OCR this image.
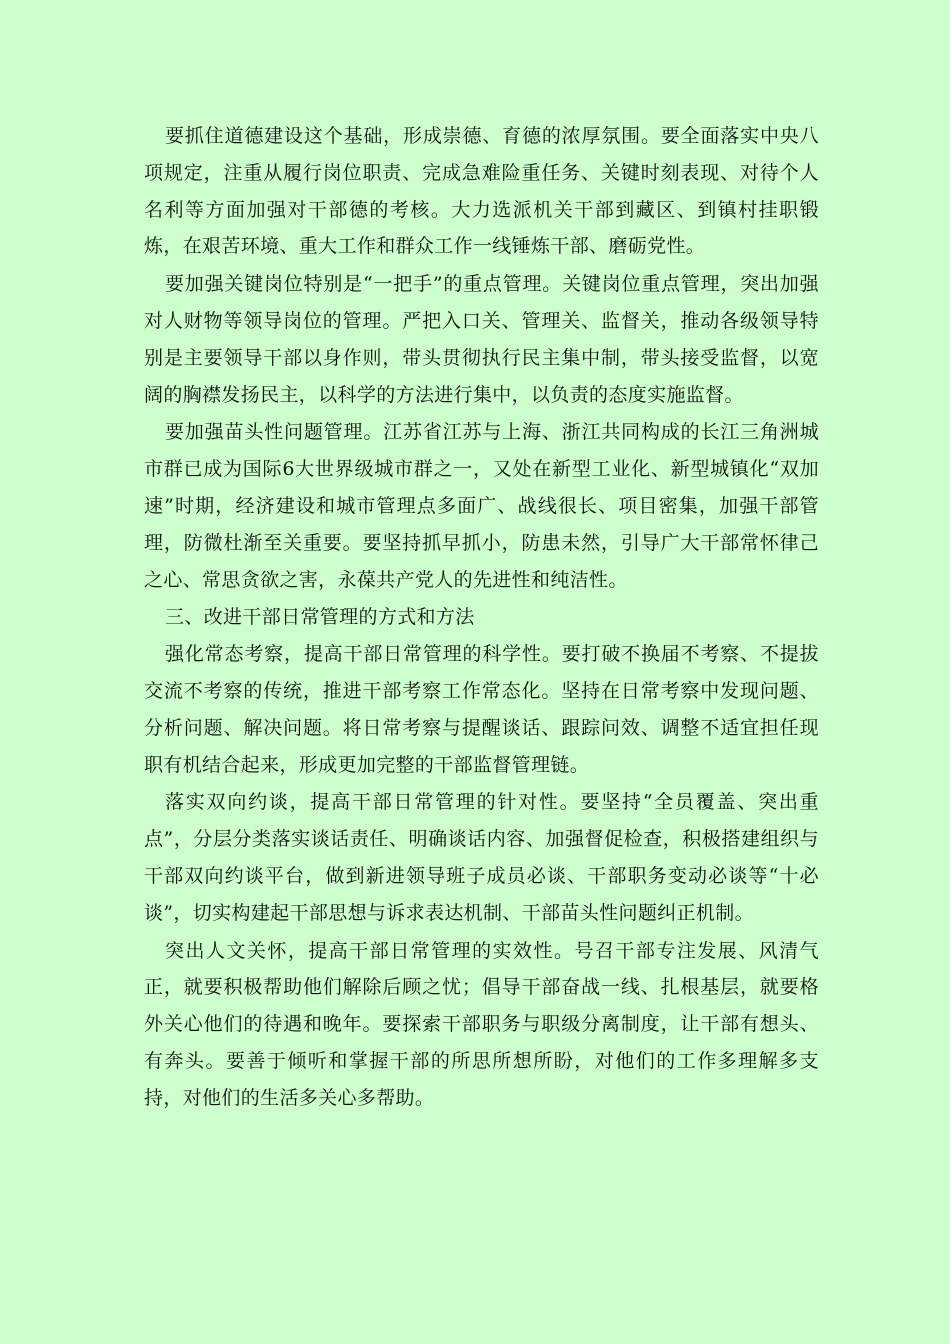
要抓住道德建设这个基础，形成崇德、育德的浓厚氛围。要全面落实中央八项规定，注重从履行岗位职责、完成急难险重任务、关键时刻表现、对待个人名利等方面加强对干部德的考核。大力选派机关干部到藏区、到镇村挂职锻炼，在艰苦环境、重大工作和群众工作一线锤炼干部、磨砺党性。

要加强关键岗位特别是“一把手”的重点管理。关键岗位重点管理，突出加强对人财物等领导岗位的管理。严把入口关、管理关、监督关，推动各级领导特别是主要领导干部以身作则，带头贯彻执行民主集中制，带头接受监督，以宽阔的胸襟发扬民主，以科学的方法进行集中，以负责的态度实施监督。

要加强苗头性问题管理。江苏省江苏与上海、浙江共同构成的长江三角洲城市群已成为国际6大世界级城市群之一，又处在新型工业化、新型城镇化“双加速”时期，经济建设和城市管理点多面广、战线很长、项目密集，加强干部管理，防微杜渐至关重要。要坚持抓早抓小，防患未然，引导广大干部常怀律己之心、常思贪欲之害，永葆共产党人的先进性和纯洁性。

三、改进干部日常管理的方式和方法

强化常态考察，提高干部日常管理的科学性。要打破不换届不考察、不提拔交流不考察的传统，推进干部考察工作常态化。坚持在日常考察中发现问题、分析问题、解决问题。将日常考察与提醒谈话、跟踪问效、调整不适宜担任现职有机结合起来，形成更加完整的干部监督管理链。

落实双向约谈，提高干部日常管理的针对性。要坚持“全员覆盖、突出重点”，分层分类落实谈话责任、明确谈话内容、加强督促检查，积极搭建组织与干部双向约谈平台，做到新进领导班子成员必谈、干部职务变动必谈等“十必谈”，切实构建起干部思想与诉求表达机制、干部苗头性问题纠正机制。

突出人文关怀，提高干部日常管理的实效性。号召干部专注发展、风清气正，就要积极帮助他们解除后顾之忧；倡导干部奋战一线、扎根基层，就要格外关心他们的待遇和晚年。要探索干部职务与职级分离制度，让干部有想头、有奔头。要善于倾听和掌握干部的所思所想所盼，对他们的工作多理解多支持，对他们的生活多关心多帮助。
